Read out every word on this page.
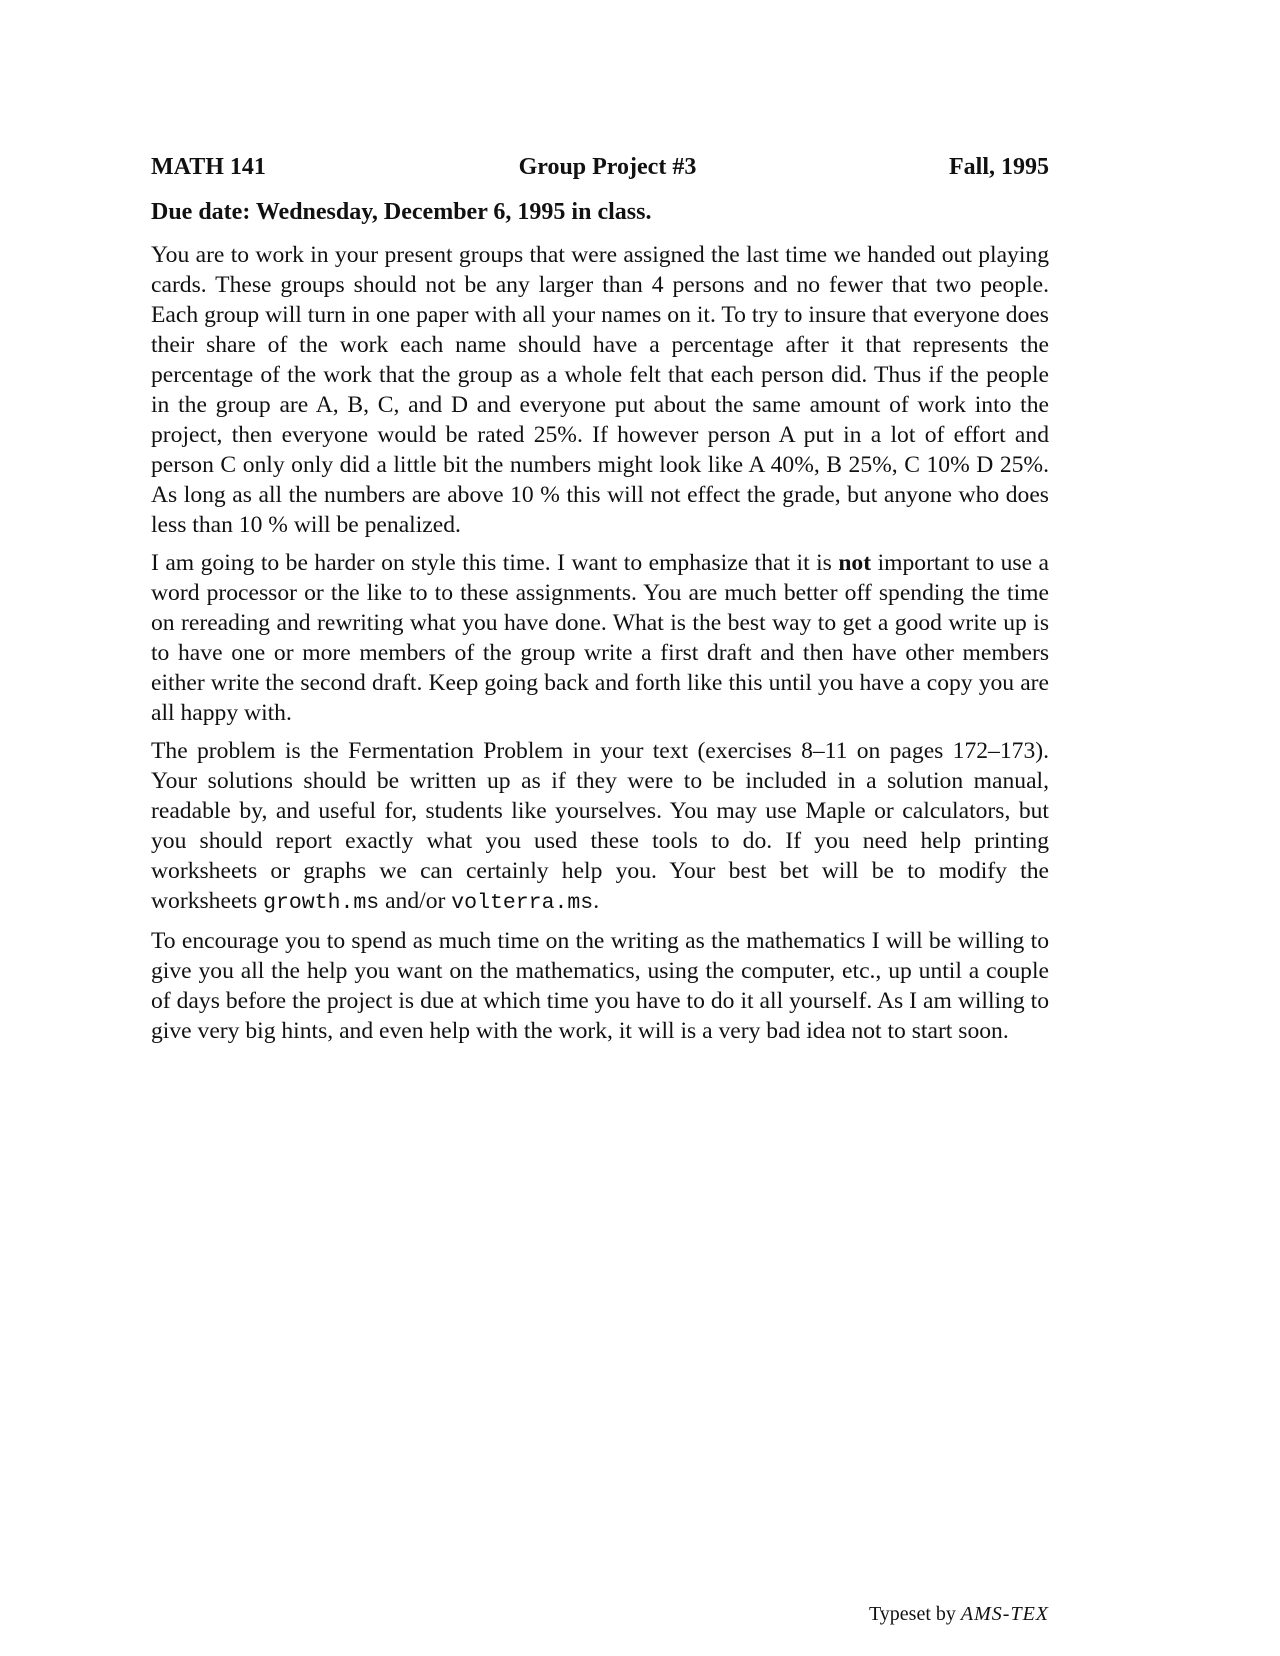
MATH 141	Group Project #3	Fall, 1995
Due date: Wednesday, December 6, 1995 in class.

You are to work in your present groups that were assigned the last time we handed out playing cards. These groups should not be any larger than 4 persons and no fewer that two people. Each group will turn in one paper with all your names on it. To try to insure that everyone does their share of the work each name should have a percentage after it that represents the percentage of the work that the group as a whole felt that each person did. Thus if the people in the group are A, B, C, and D and everyone put about the same amount of work into the project, then everyone would be rated 25%. If however person A put in a lot of effort and person C only only did a little bit the numbers might look like A 40%, B 25%, C 10% D 25%. As long as all the numbers are above 10 % this will not effect the grade, but anyone who does less than 10 % will be penalized.

I am going to be harder on style this time. I want to emphasize that it is not important to use a word processor or the like to to these assignments. You are much better off spending the time on rereading and rewriting what you have done. What is the best way to get a good write up is to have one or more members of the group write a first draft and then have other members either write the second draft. Keep going back and forth like this until you have a copy you are all happy with.

The problem is the Fermentation Problem in your text (exercises 8–11 on pages 172–173). Your solutions should be written up as if they were to be included in a solution manual, readable by, and useful for, students like yourselves. You may use Maple or calculators, but you should report exactly what you used these tools to do. If you need help printing worksheets or graphs we can certainly help you. Your best bet will be to modify the worksheets growth.ms and/or volterra.ms.

To encourage you to spend as much time on the writing as the mathematics I will be willing to give you all the help you want on the mathematics, using the computer, etc., up until a couple of days before the project is due at which time you have to do it all yourself. As I am willing to give very big hints, and even help with the work, it will is a very bad idea not to start soon.

Typeset by AMS-TEX
